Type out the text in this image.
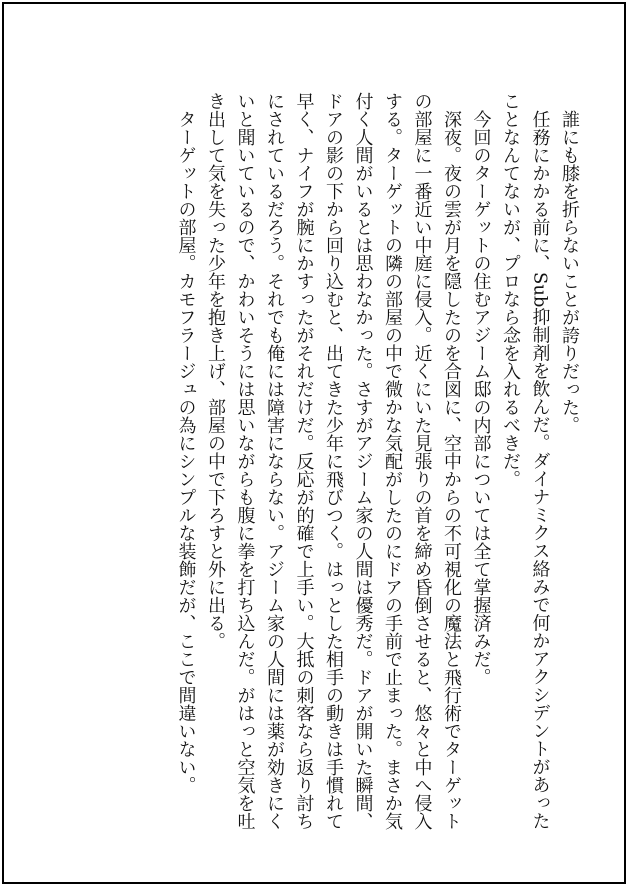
誰にも膝を折らないことが誇りだった。

任務にかかる前に、Sub抑制剤を飲んだ。ダイナミクス絡みで何かアクシデントがあったことなんてないが、プロなら念を入れるべきだ。

今回のターゲットの住むアジーム邸の内部については全て掌握済みだ。

深夜。夜の雲が月を隠したのを合図に、空中からの不可視化の魔法と飛行術でターゲットの部屋に一番近い中庭に侵入。近くにいた見張りの首を締め昏倒させると、悠々と中へ侵入する。ターゲットの隣の部屋の中で微かな気配がしたのにドアの手前で止まった。まさか気付く人間がいるとは思わなかった。さすがアジーム家の人間は優秀だ。ドアが開いた瞬間、ドアの影の下から回り込むと、出てきた少年に飛びつく。はっとした相手の動きは手慣れて早く、ナイフが腕にかすったがそれだけだ。反応が的確で上手い。大抵の刺客なら返り討ちにされているだろう。それでも俺には障害にならない。アジーム家の人間には薬が効きにくいと聞いているので、かわいそうには思いながらも腹に拳を打ち込んだ。がはっと空気を吐き出して気を失った少年を抱き上げ、部屋の中で下ろすと外に出る。

ターゲットの部屋。カモフラージュの為にシンプルな装飾だが、ここで間違いない。
